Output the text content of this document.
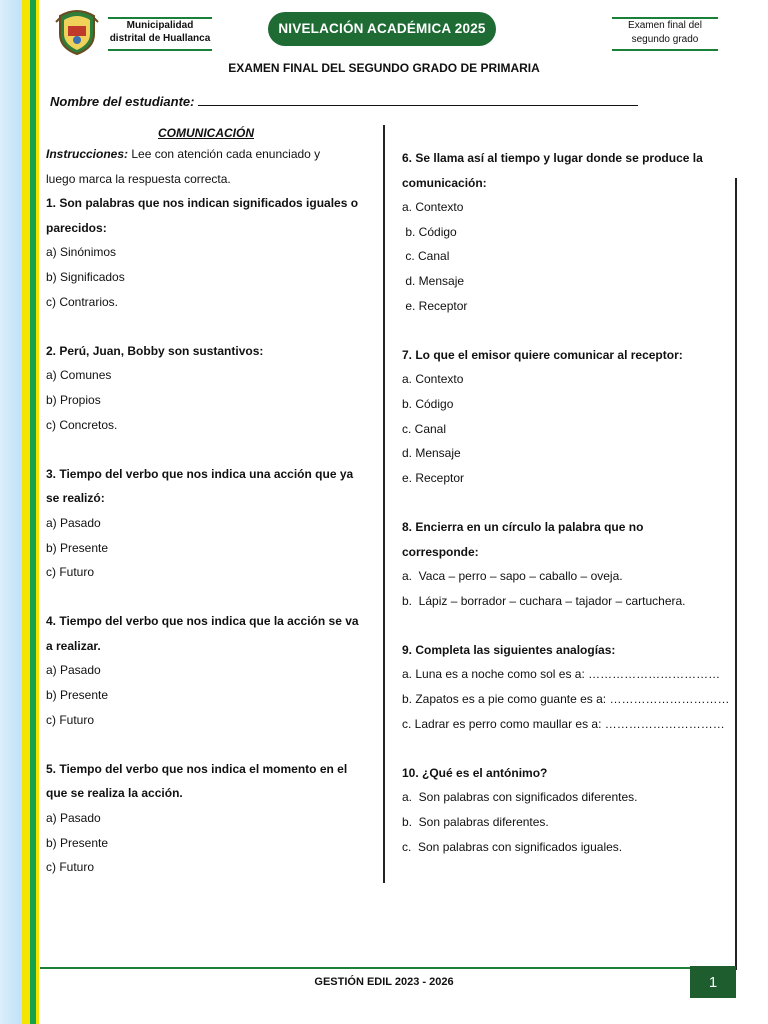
Municipalidad
distrital de Huallanca
NIVELACIÓN ACADÉMICA 2025	Examen final del
segundo grado
EXAMEN FINAL DEL SEGUNDO GRADO DE PRIMARIA
Nombre del estudiante:
COMUNICACIÓN
Instrucciones: Lee con atención cada enunciado y
luego marca la respuesta correcta.
1. Son palabras que nos indican significados iguales o
parecidos:
a) Sinónimos
b) Significados
c) Contrarios.
2. Perú, Juan, Bobby son sustantivos:
a) Comunes
b) Propios
c) Concretos.
3. Tiempo del verbo que nos indica una acción que ya
se realizó:
a) Pasado
b) Presente
c) Futuro
4. Tiempo del verbo que nos indica que la acción se va
a realizar.
a) Pasado
b) Presente
c) Futuro
5. Tiempo del verbo que nos indica el momento en el
que se realiza la acción.
a) Pasado
b) Presente
c) Futuro
6. Se llama así al tiempo y lugar donde se produce la
comunicación:
a. Contexto
b. Código
c. Canal
d. Mensaje
e. Receptor
7. Lo que el emisor quiere comunicar al receptor:
a. Contexto
b. Código
c. Canal
d. Mensaje
e. Receptor
8. Encierra en un círculo la palabra que no
corresponde:
a.  Vaca – perro – sapo – caballo – oveja.
b.  Lápiz – borrador – cuchara – tajador – cartuchera.
9. Completa las siguientes analogías:
a. Luna es a noche como sol es a: ……………………………
b. Zapatos es a pie como guante es a: …………………………
c. Ladrar es perro como maullar es a: …………………………
10. ¿Qué es el antónimo?
a.  Son palabras con significados diferentes.
b.  Son palabras diferentes.
c.  Son palabras con significados iguales.
GESTIÓN EDIL 2023 - 2026	1
